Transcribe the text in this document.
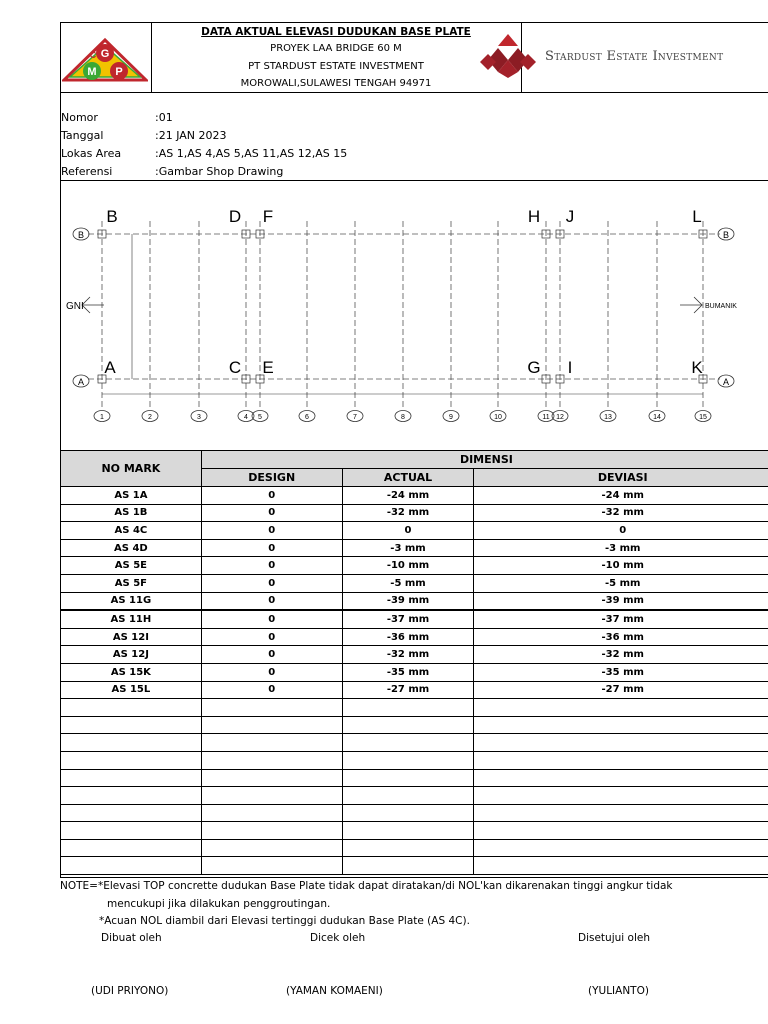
G
M P
C
DATA AKTUAL ELEVASI DUDUKAN BASE PLATE
PROYEK LAA BRIDGE 60 M
PT STARDUST ESTATE INVESTMENT
MOROWALI,SULAWESI TENGAH 94971
Stardust Estate Investment
Nomor	:01
Tanggal	:21 JAN 2023
Lokas Area	:AS 1,AS 4,AS 5,AS 11,AS 12,AS 15
Referensi	:Gambar Shop Drawing
B	D F	H J	L
A	C E	G I	K
B	B
A	A
GNI	BUMANIK
1	2	3	4 5	6	7	8	9	10	11 12	13	14	15
NO MARK	DIMENSI		
	DESIGN	ACTUAL	DEVIASI
AS 1A	0	-24 mm	-24 mm
AS 1B	0	-32 mm	-32 mm
AS 4C	0	0	0
AS 4D	0	-3 mm	-3 mm
AS 5E	0	-10 mm	-10 mm
AS 5F	0	-5 mm	-5 mm
AS 11G	0	-39 mm	-39 mm
AS 11H	0	-37 mm	-37 mm
AS 12I	0	-36 mm	-36 mm
AS 12J	0	-32 mm	-32 mm
AS 15K	0	-35 mm	-35 mm
AS 15L	0	-27 mm	-27 mm

NOTE=*Elevasi TOP concrette dudukan Base Plate tidak dapat diratakan/di NOL'kan dikarenakan tinggi angkur tidak
mencukupi jika dilakukan penggroutingan.
*Acuan NOL diambil dari Elevasi tertinggi dudukan Base Plate (AS 4C).
Dibuat oleh	Dicek oleh	Disetujui oleh
(UDI PRIYONO)	(YAMAN KOMAENI)	(YULIANTO)
